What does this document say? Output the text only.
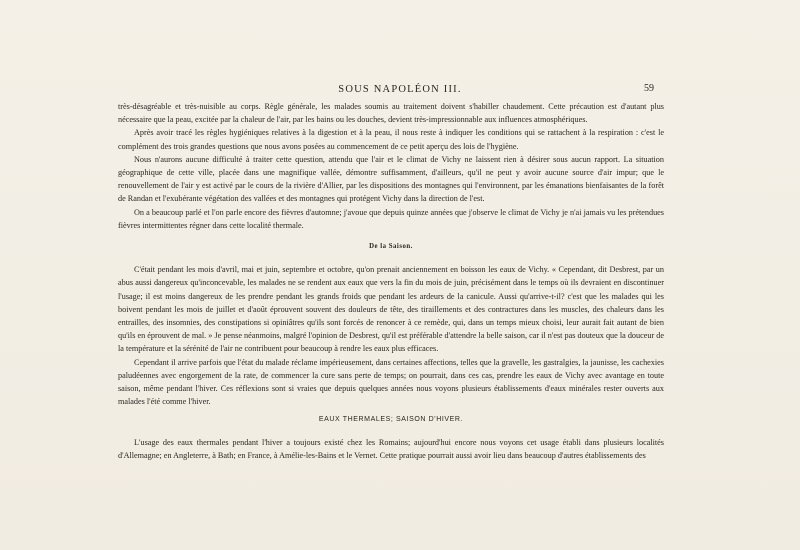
SOUS NAPOLÉON III.	59

très-désagréable et très-nuisible au corps. Règle générale, les malades soumis au traitement doivent s'habiller chaudement. Cette précaution est d'autant plus nécessaire que la peau, excitée par la chaleur de l'air, par les bains ou les douches, devient très-impressionnable aux influences atmosphériques.

Après avoir tracé les règles hygiéniques relatives à la digestion et à la peau, il nous reste à indiquer les conditions qui se rattachent à la respiration : c'est le complément des trois grandes questions que nous avons posées au commencement de ce petit aperçu des lois de l'hygiène.

Nous n'aurons aucune difficulté à traiter cette question, attendu que l'air et le climat de Vichy ne laissent rien à désirer sous aucun rapport. La situation géographique de cette ville, placée dans une magnifique vallée, démontre suffisamment, d'ailleurs, qu'il ne peut y avoir aucune source d'air impur; que le renouvellement de l'air y est activé par le cours de la rivière d'Allier, par les dispositions des montagnes qui l'environnent, par les émanations bienfaisantes de la forêt de Randan et l'exubérante végétation des vallées et des montagnes qui protégent Vichy dans la direction de l'est.

On a beaucoup parlé et l'on parle encore des fièvres d'automne; j'avoue que depuis quinze années que j'observe le climat de Vichy je n'ai jamais vu les prétendues fièvres intermittentes régner dans cette localité thermale.

De la Saison.

C'était pendant les mois d'avril, mai et juin, septembre et octobre, qu'on prenait anciennement en boisson les eaux de Vichy. « Cependant, dit Desbrest, par un abus aussi dangereux qu'inconcevable, les malades ne se rendent aux eaux que vers la fin du mois de juin, précisément dans le temps où ils devraient en discontinuer l'usage; il est moins dangereux de les prendre pendant les grands froids que pendant les ardeurs de la canicule. Aussi qu'arrive-t-il? c'est que les malades qui les boivent pendant les mois de juillet et d'août éprouvent souvent des douleurs de tête, des tiraillements et des contractures dans les muscles, des chaleurs dans les entrailles, des insomnies, des constipations si opiniâtres qu'ils sont forcés de renoncer à ce remède, qui, dans un temps mieux choisi, leur aurait fait autant de bien qu'ils en éprouvent de mal. » Je pense néanmoins, malgré l'opinion de Desbrest, qu'il est préférable d'attendre la belle saison, car il n'est pas douteux que la douceur de la température et la sérénité de l'air ne contribuent pour beaucoup à rendre les eaux plus efficaces.

Cependant il arrive parfois que l'état du malade réclame impérieusement, dans certaines affections, telles que la gravelle, les gastralgies, la jaunisse, les cachexies paludéennes avec engorgement de la rate, de commencer la cure sans perte de temps; on pourrait, dans ces cas, prendre les eaux de Vichy avec avantage en toute saison, même pendant l'hiver. Ces réflexions sont si vraies que depuis quelques années nous voyons plusieurs établissements d'eaux minérales rester ouverts aux malades l'été comme l'hiver.

EAUX THERMALES; SAISON D'HIVER.

L'usage des eaux thermales pendant l'hiver a toujours existé chez les Romains; aujourd'hui encore nous voyons cet usage établi dans plusieurs localités d'Allemagne; en Angleterre, à Bath; en France, à Amélie-les-Bains et le Vernet. Cette pratique pourrait aussi avoir lieu dans beaucoup d'autres établissements des
